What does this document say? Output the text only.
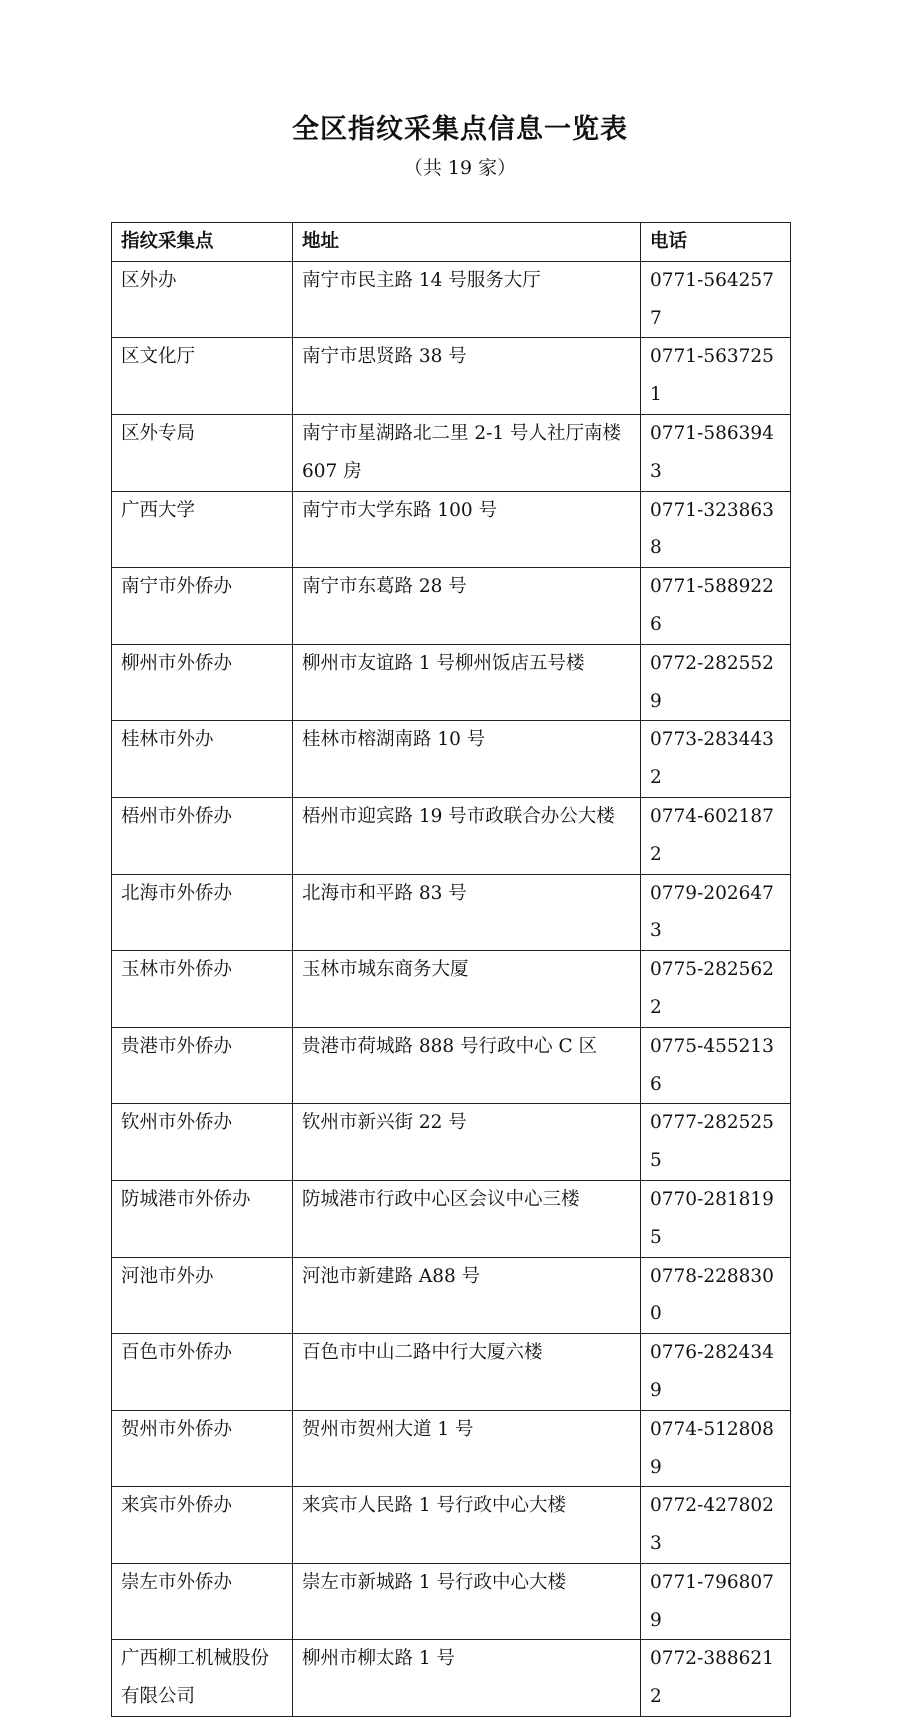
全区指纹采集点信息一览表
（共 19 家）
指纹采集点	地址	电话
区外办	南宁市民主路 14 号服务大厅	0771-5642577
区文化厅	南宁市思贤路 38 号	0771-5637251
区外专局	南宁市星湖路北二里 2-1 号人社厅南楼 607 房	0771-5863943
广西大学	南宁市大学东路 100 号	0771-3238638
南宁市外侨办	南宁市东葛路 28 号	0771-5889226
柳州市外侨办	柳州市友谊路 1 号柳州饭店五号楼	0772-2825529
桂林市外办	桂林市榕湖南路 10 号	0773-2834432
梧州市外侨办	梧州市迎宾路 19 号市政联合办公大楼	0774-6021872
北海市外侨办	北海市和平路 83 号	0779-2026473
玉林市外侨办	玉林市城东商务大厦	0775-2825622
贵港市外侨办	贵港市荷城路 888 号行政中心 C 区	0775-4552136
钦州市外侨办	钦州市新兴街 22 号	0777-2825255
防城港市外侨办	防城港市行政中心区会议中心三楼	0770-2818195
河池市外办	河池市新建路 A88 号	0778-2288300
百色市外侨办	百色市中山二路中行大厦六楼	0776-2824349
贺州市外侨办	贺州市贺州大道 1 号	0774-5128089
来宾市外侨办	来宾市人民路 1 号行政中心大楼	0772-4278023
崇左市外侨办	崇左市新城路 1 号行政中心大楼	0771-7968079
广西柳工机械股份有限公司	柳州市柳太路 1 号	0772-3886212
